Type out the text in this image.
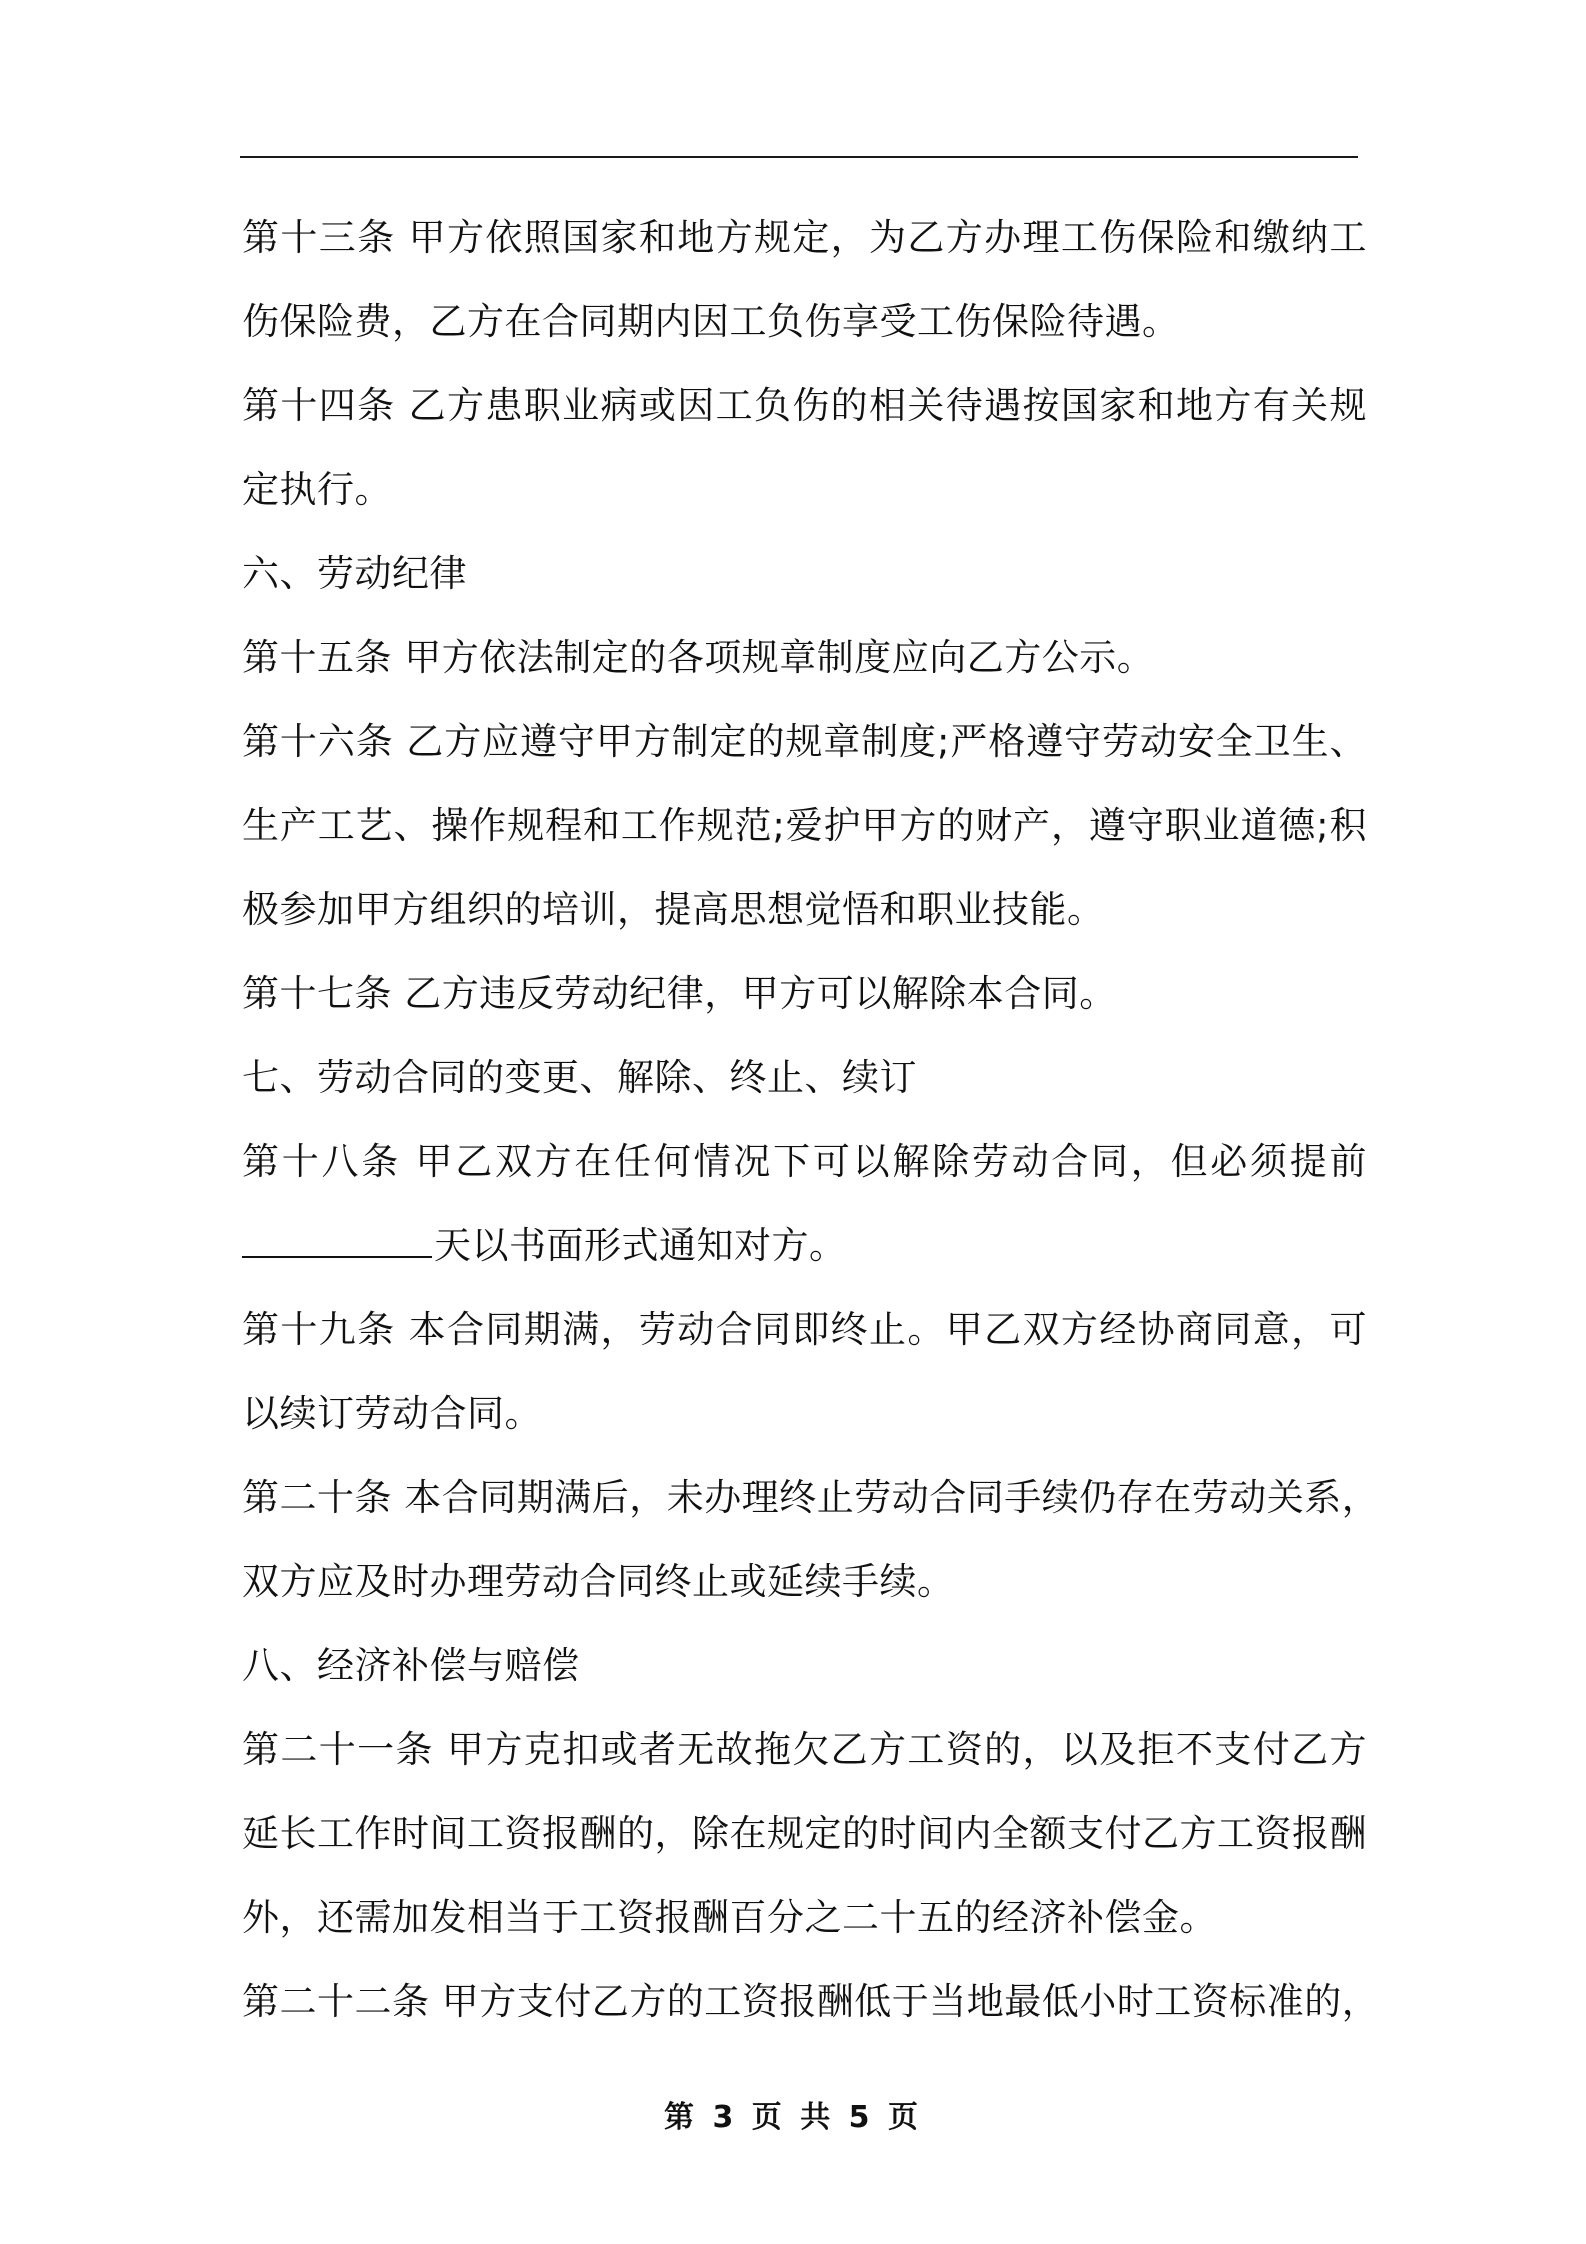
第十三条 甲方依照国家和地方规定，为乙方办理工伤保险和缴纳工
伤保险费，乙方在合同期内因工负伤享受工伤保险待遇。
第十四条 乙方患职业病或因工负伤的相关待遇按国家和地方有关规
定执行。
六、劳动纪律
第十五条 甲方依法制定的各项规章制度应向乙方公示。
第十六条 乙方应遵守甲方制定的规章制度;严格遵守劳动安全卫生、
生产工艺、操作规程和工作规范;爱护甲方的财产，遵守职业道德;积
极参加甲方组织的培训，提高思想觉悟和职业技能。
第十七条 乙方违反劳动纪律，甲方可以解除本合同。
七、劳动合同的变更、解除、终止、续订
第十八条 甲乙双方在任何情况下可以解除劳动合同，但必须提前
天以书面形式通知对方。
第十九条 本合同期满，劳动合同即终止。甲乙双方经协商同意，可
以续订劳动合同。
第二十条 本合同期满后，未办理终止劳动合同手续仍存在劳动关系，
双方应及时办理劳动合同终止或延续手续。
八、经济补偿与赔偿
第二十一条 甲方克扣或者无故拖欠乙方工资的，以及拒不支付乙方
延长工作时间工资报酬的，除在规定的时间内全额支付乙方工资报酬
外，还需加发相当于工资报酬百分之二十五的经济补偿金。
第二十二条 甲方支付乙方的工资报酬低于当地最低小时工资标准的，
第 3 页 共 5 页
